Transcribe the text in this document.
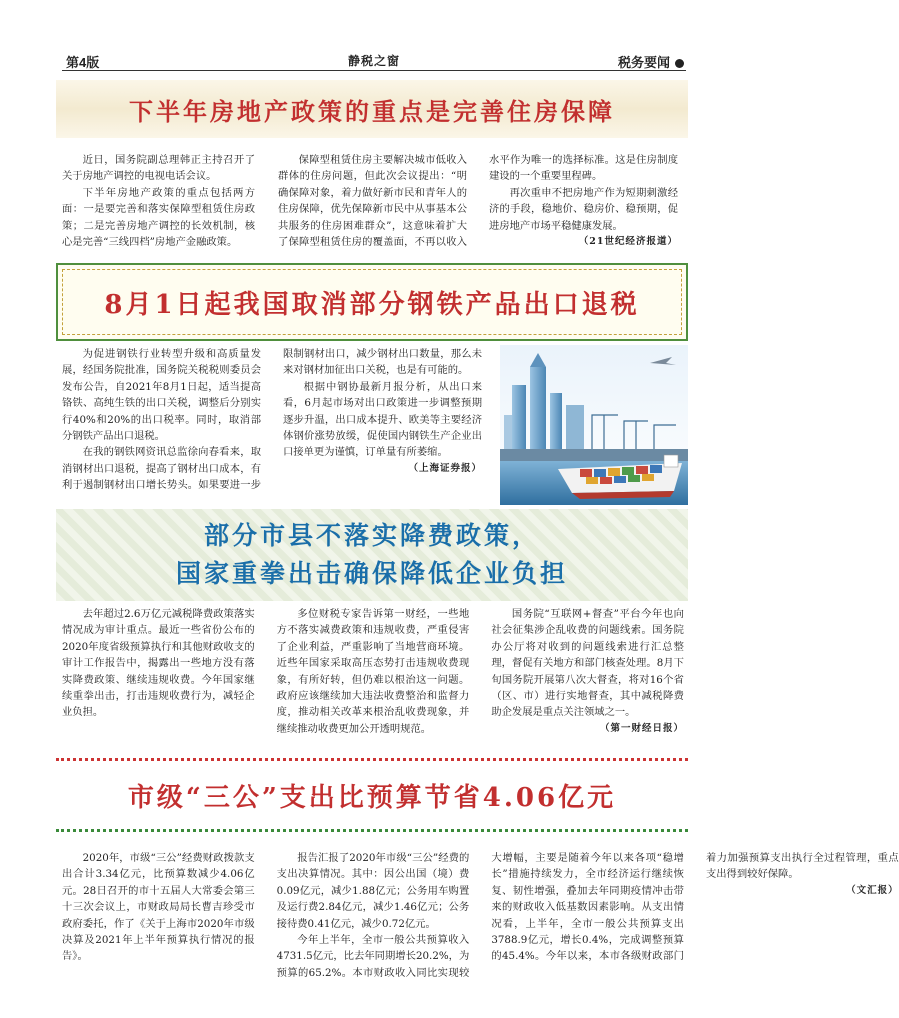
第4版	静税之窗	税务要闻
下半年房地产政策的重点是完善住房保障

近日，国务院副总理韩正主持召开了关于房地产调控的电视电话会议。

下半年房地产政策的重点包括两方面：一是要完善和落实保障型租赁住房政策；二是完善房地产调控的长效机制，核心是完善“三线四档”房地产金融政策。

保障型租赁住房主要解决城市低收入群体的住房问题，但此次会议提出：“明确保障对象，着力做好新市民和青年人的住房保障，优先保障新市民中从事基本公共服务的住房困难群众”，这意味着扩大了保障型租赁住房的覆盖面，不再以收入水平作为唯一的选择标准。这是住房制度建设的一个重要里程碑。

再次重申不把房地产作为短期刺激经济的手段，稳地价、稳房价、稳预期，促进房地产市场平稳健康发展。

（21世纪经济报道）
8月1日起我国取消部分钢铁产品出口退税

为促进钢铁行业转型升级和高质量发展，经国务院批准，国务院关税税则委员会发布公告，自2021年8月1日起，适当提高铬铁、高纯生铁的出口关税，调整后分别实行40%和20%的出口税率。同时，取消部分钢铁产品出口退税。

在我的钢铁网资讯总监徐向春看来，取消钢材出口退税，提高了钢材出口成本，有利于遏制钢材出口增长势头。如果要进一步限制钢材出口，减少钢材出口数量，那么未来对钢材加征出口关税，也是有可能的。

根据中钢协最新月报分析，从出口来看，6月起市场对出口政策进一步调整预期逐步升温，出口成本提升、欧美等主要经济体钢价涨势放缓，促使国内钢铁生产企业出口接单更为谨慎，订单量有所萎缩。

（上海证券报）
部分市县不落实降费政策，
国家重拳出击确保降低企业负担

去年超过2.6万亿元减税降费政策落实情况成为审计重点。最近一些省份公布的2020年度省级预算执行和其他财政收支的审计工作报告中，揭露出一些地方没有落实降费政策、继续违规收费。今年国家继续重拳出击，打击违规收费行为，减轻企业负担。

多位财税专家告诉第一财经，一些地方不落实减费政策和违规收费，严重侵害了企业利益，严重影响了当地营商环境。近些年国家采取高压态势打击违规收费现象，有所好转，但仍难以根治这一问题。政府应该继续加大违法收费整治和监督力度，推动相关改革来根治乱收费现象，并继续推动收费更加公开透明规范。

国务院“互联网+督查”平台今年也向社会征集涉企乱收费的问题线索。国务院办公厅将对收到的问题线索进行汇总整理，督促有关地方和部门核查处理。8月下旬国务院开展第八次大督查，将对16个省（区、市）进行实地督查，其中减税降费助企发展是重点关注领域之一。

（第一财经日报）
市级“三公”支出比预算节省4.06亿元

2020年，市级“三公”经费财政拨款支出合计3.34亿元，比预算数减少4.06亿元。28日召开的市十五届人大常委会第三十三次会议上，市财政局局长曹吉珍受市政府委托，作了《关于上海市2020年市级决算及2021年上半年预算执行情况的报告》。

报告汇报了2020年市级“三公”经费的支出决算情况。其中：因公出国（境）费0.09亿元，减少1.88亿元；公务用车购置及运行费2.84亿元，减少1.46亿元；公务接待费0.41亿元，减少0.72亿元。

今年上半年，全市一般公共预算收入4731.5亿元，比去年同期增长20.2%，为预算的65.2%。本市财政收入同比实现较大增幅，主要是随着今年以来各项“稳增长”措施持续发力，全市经济运行继续恢复、韧性增强，叠加去年同期疫情冲击带来的财政收入低基数因素影响。从支出情况看，上半年，全市一般公共预算支出3788.9亿元，增长0.4%，完成调整预算的45.4%。今年以来，本市各级财政部门着力加强预算支出执行全过程管理，重点支出得到较好保障。

（文汇报）
